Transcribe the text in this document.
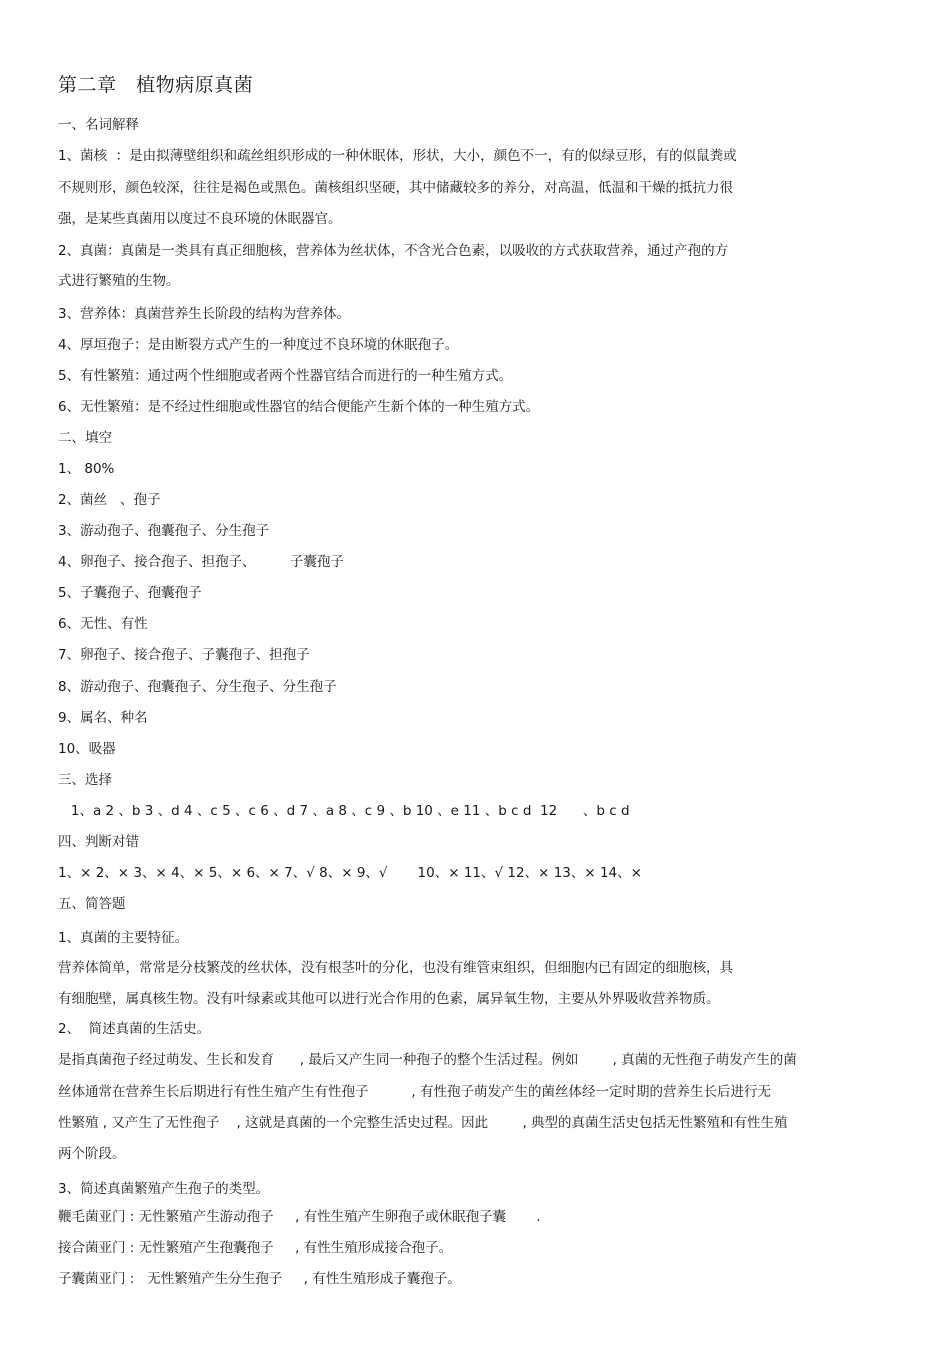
第二章   植物病原真菌
一、名词解释
1、菌核  ：是由拟薄壁组织和疏丝组织形成的一种休眠体，形状，大小，颜色不一，有的似绿豆形，有的似鼠粪或
不规则形，颜色较深，往往是褐色或黑色。菌核组织坚硬，其中储藏较多的养分，对高温，低温和干燥的抵抗力很
强，是某些真菌用以度过不良环境的休眠器官。
2、真菌：真菌是一类具有真正细胞核，营养体为丝状体，不含光合色素，以吸收的方式获取营养，通过产孢的方
式进行繁殖的生物。
3、营养体：真菌营养生长阶段的结构为营养体。
4、厚垣孢子：是由断裂方式产生的一种度过不良环境的休眠孢子。
5、有性繁殖：通过两个性细胞或者两个性器官结合而进行的一种生殖方式。
6、无性繁殖：是不经过性细胞或性器官的结合便能产生新个体的一种生殖方式。
二、填空
1、 80%
2、菌丝   、孢子
3、游动孢子、孢囊孢子、分生孢子
4、卵孢子、接合孢子、担孢子、        子囊孢子
5、子囊孢子、孢囊孢子
6、无性、有性
7、卵孢子、接合孢子、子囊孢子、担孢子
8、游动孢子、孢囊孢子、分生孢子、分生孢子
9、属名、种名
10、吸器
三、选择
1、a 2 、b 3 、d 4 、c 5 、c 6 、d 7 、a 8 、c 9 、b 10 、e 11 、b c d  12      、b c d
四、判断对错
1、× 2、× 3、× 4、× 5、× 6、× 7、√ 8、× 9、√       10、× 11、√ 12、× 13、× 14、×
五、简答题
1、真菌的主要特征。
营养体简单，常常是分枝繁茂的丝状体，没有根茎叶的分化，也没有维管束组织，但细胞内已有固定的细胞核，具
有细胞壁，属真核生物。没有叶绿素或其他可以进行光合作用的色素，属异氧生物，主要从外界吸收营养物质。
2、  简述真菌的生活史。
是指真菌孢子经过萌发、生长和发育      , 最后又产生同一种孢子的整个生活过程。例如        , 真菌的无性孢子萌发产生的菌
丝体通常在营养生长后期进行有性生殖产生有性孢子          , 有性孢子萌发产生的菌丝体经一定时期的营养生长后进行无
性繁殖 , 又产生了无性孢子    , 这就是真菌的一个完整生活史过程。因此        , 典型的真菌生活史包括无性繁殖和有性生殖
两个阶段。
3、简述真菌繁殖产生孢子的类型。
鞭毛菌亚门 : 无性繁殖产生游动孢子     , 有性生殖产生卵孢子或休眠孢子囊       .
接合菌亚门 : 无性繁殖产生孢囊孢子     , 有性生殖形成接合孢子。
子囊菌亚门 :   无性繁殖产生分生孢子     , 有性生殖形成子囊孢子。
